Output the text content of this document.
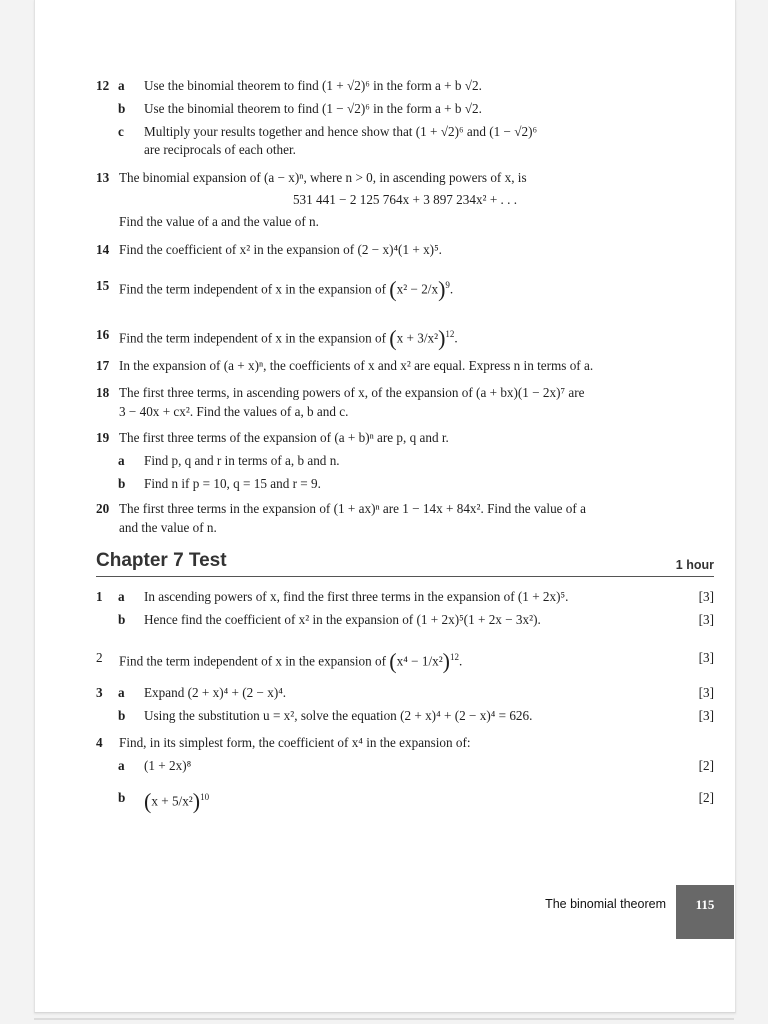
12 a Use the binomial theorem to find (1 + √2)⁶ in the form a + b √2.
b Use the binomial theorem to find (1 − √2)⁶ in the form a + b √2.
c Multiply your results together and hence show that (1 + √2)⁶ and (1 − √2)⁶
are reciprocals of each other.
13 The binomial expansion of (a − x)ⁿ, where n > 0, in ascending powers of x, is
531 441 − 2 125 764x + 3 897 234x² + . . .
Find the value of a and the value of n.
14 Find the coefficient of x² in the expansion of (2 − x)⁴(1 + x)⁵.
15 Find the term independent of x in the expansion of $(x^2 - 2/x)^9$.
16 Find the term independent of x in the expansion of $(x + 3/x^2)^{12}$.
17 In the expansion of (a + x)ⁿ, the coefficients of x and x² are equal. Express n in terms of a.
18 The first three terms, in ascending powers of x, of the expansion of (a + bx)(1 − 2x)⁷ are
3 − 40x + cx². Find the values of a, b and c.
19 The first three terms of the expansion of (a + b)ⁿ are p, q and r.
a Find p, q and r in terms of a, b and n.
b Find n if p = 10, q = 15 and r = 9.
20 The first three terms in the expansion of (1 + ax)ⁿ are 1 − 14x + 84x². Find the value of a
and the value of n.
Chapter 7 Test	1 hour
1 a In ascending powers of x, find the first three terms in the expansion of (1 + 2x)⁵.	[3]
b Hence find the coefficient of x² in the expansion of (1 + 2x)⁵(1 + 2x − 3x²).	[3]
2 Find the term independent of x in the expansion of $(x^4 - 1/x^2)^{12}$.	[3]
3 a Expand (2 + x)⁴ + (2 − x)⁴.	[3]
b Using the substitution u = x², solve the equation (2 + x)⁴ + (2 − x)⁴ = 626.	[3]
4 Find, in its simplest form, the coefficient of x⁴ in the expansion of:
a (1 + 2x)⁸	[2]
b $(x + 5/x^2)^{10}$	[2]
The binomial theorem	115
